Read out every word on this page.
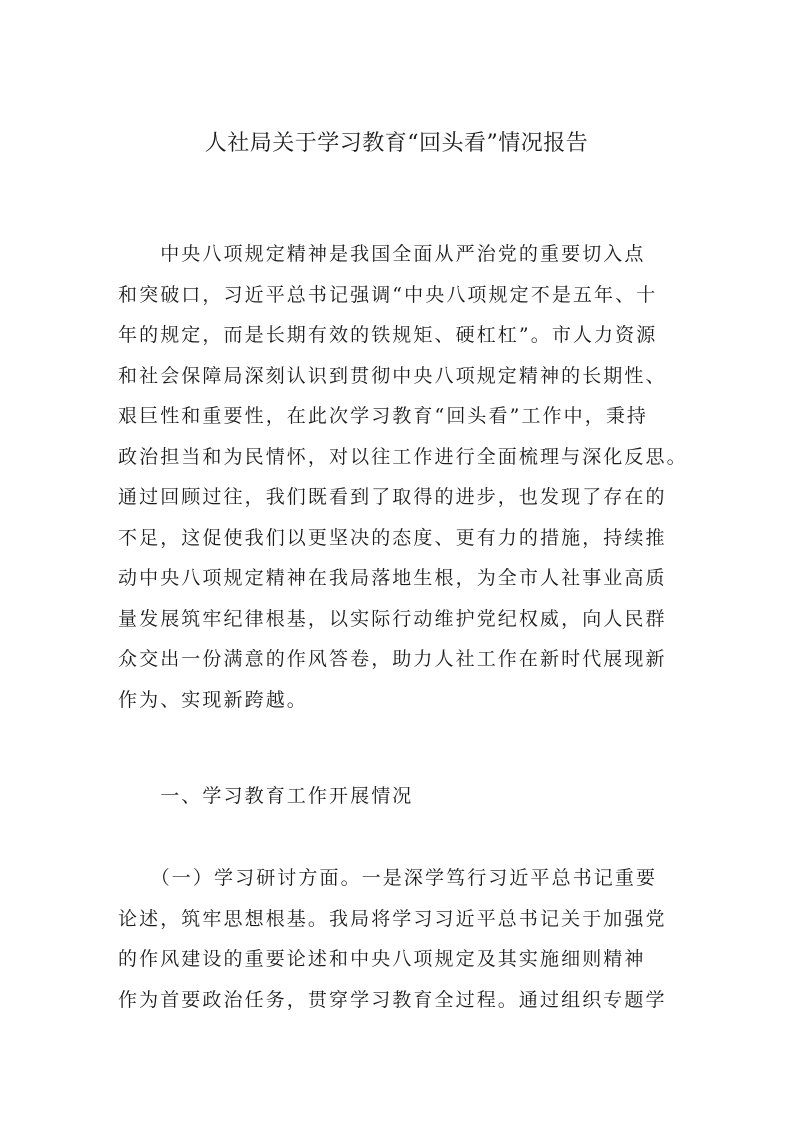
人社局关于学习教育“回头看”情况报告
　　中央八项规定精神是我国全面从严治党的重要切入点
和突破口，习近平总书记强调“中央八项规定不是五年、十
年的规定，而是长期有效的铁规矩、硬杠杠”。市人力资源
和社会保障局深刻认识到贯彻中央八项规定精神的长期性、
艰巨性和重要性，在此次学习教育“回头看”工作中，秉持
政治担当和为民情怀，对以往工作进行全面梳理与深化反思。
通过回顾过往，我们既看到了取得的进步，也发现了存在的
不足，这促使我们以更坚决的态度、更有力的措施，持续推
动中央八项规定精神在我局落地生根，为全市人社事业高质
量发展筑牢纪律根基，以实际行动维护党纪权威，向人民群
众交出一份满意的作风答卷，助力人社工作在新时代展现新
作为、实现新跨越。
　　一、学习教育工作开展情况
　　（一）学习研讨方面。一是深学笃行习近平总书记重要
论述，筑牢思想根基。我局将学习习近平总书记关于加强党
的作风建设的重要论述和中央八项规定及其实施细则精神
作为首要政治任务，贯穿学习教育全过程。通过组织专题学
